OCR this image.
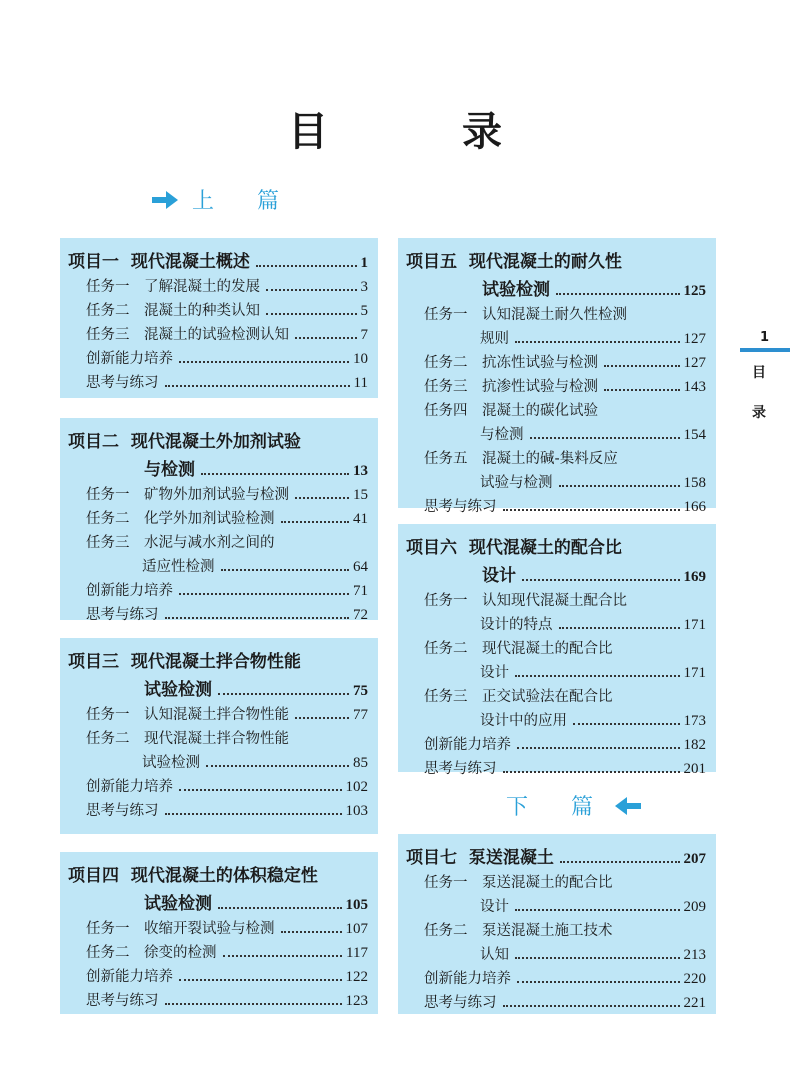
目 录
上 篇
下 篇
项目一 现代混凝土概述	1
任务一　了解混凝土的发展	3
任务二　混凝土的种类认知	5
任务三　混凝土的试验检测认知	7
创新能力培养	10
思考与练习	11
项目二 现代混凝土外加剂试验
与检测	13
任务一　矿物外加剂试验与检测	15
任务二　化学外加剂试验检测	41
任务三　水泥与减水剂之间的
适应性检测	64
创新能力培养	71
思考与练习	72
项目三 现代混凝土拌合物性能
试验检测	75
任务一　认知混凝土拌合物性能	77
任务二　现代混凝土拌合物性能
试验检测	85
创新能力培养	102
思考与练习	103
项目四 现代混凝土的体积稳定性
试验检测	105
任务一　收缩开裂试验与检测	107
任务二　徐变的检测	117
创新能力培养	122
思考与练习	123
项目五 现代混凝土的耐久性
试验检测	125
任务一　认知混凝土耐久性检测
规则	127
任务二　抗冻性试验与检测	127
任务三　抗渗性试验与检测	143
任务四　混凝土的碳化试验
与检测	154
任务五　混凝土的碱-集料反应
试验与检测	158
思考与练习	166
项目六 现代混凝土的配合比
设计	169
任务一　认知现代混凝土配合比
设计的特点	171
任务二　现代混凝土的配合比
设计	171
任务三　正交试验法在配合比
设计中的应用	173
创新能力培养	182
思考与练习	201
项目七 泵送混凝土	207
任务一　泵送混凝土的配合比
设计	209
任务二　泵送混凝土施工技术
认知	213
创新能力培养	220
思考与练习	221
1
目
录
